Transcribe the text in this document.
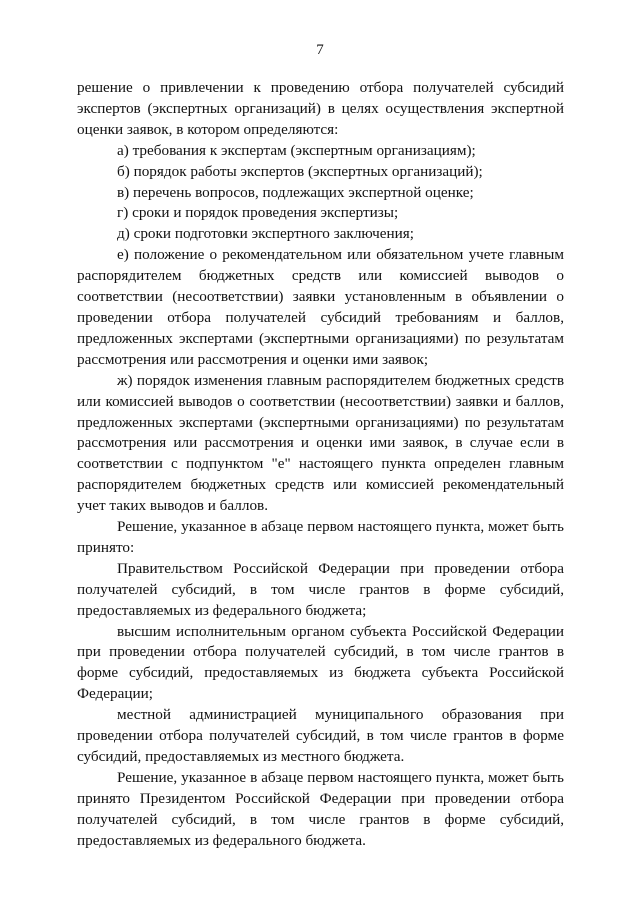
7

решение о привлечении к проведению отбора получателей субсидий экспертов (экспертных организаций) в целях осуществления экспертной оценки заявок, в котором определяются:

а) требования к экспертам (экспертным организациям);

б) порядок работы экспертов (экспертных организаций);

в) перечень вопросов, подлежащих экспертной оценке;

г) сроки и порядок проведения экспертизы;

д) сроки подготовки экспертного заключения;

е) положение о рекомендательном или обязательном учете главным распорядителем бюджетных средств или комиссией выводов о соответствии (несоответствии) заявки установленным в объявлении о проведении отбора получателей субсидий требованиям и баллов, предложенных экспертами (экспертными организациями) по результатам рассмотрения или рассмотрения и оценки ими заявок;

ж) порядок изменения главным распорядителем бюджетных средств или комиссией выводов о соответствии (несоответствии) заявки и баллов, предложенных экспертами (экспертными организациями) по результатам рассмотрения или рассмотрения и оценки ими заявок, в случае если в соответствии с подпунктом "е" настоящего пункта определен главным распорядителем бюджетных средств или комиссией рекомендательный учет таких выводов и баллов.

Решение, указанное в абзаце первом настоящего пункта, может быть принято:

Правительством Российской Федерации при проведении отбора получателей субсидий, в том числе грантов в форме субсидий, предоставляемых из федерального бюджета;

высшим исполнительным органом субъекта Российской Федерации при проведении отбора получателей субсидий, в том числе грантов в форме субсидий, предоставляемых из бюджета субъекта Российской Федерации;

местной администрацией муниципального образования при проведении отбора получателей субсидий, в том числе грантов в форме субсидий, предоставляемых из местного бюджета.

Решение, указанное в абзаце первом настоящего пункта, может быть принято Президентом Российской Федерации при проведении отбора получателей субсидий, в том числе грантов в форме субсидий, предоставляемых из федерального бюджета.
